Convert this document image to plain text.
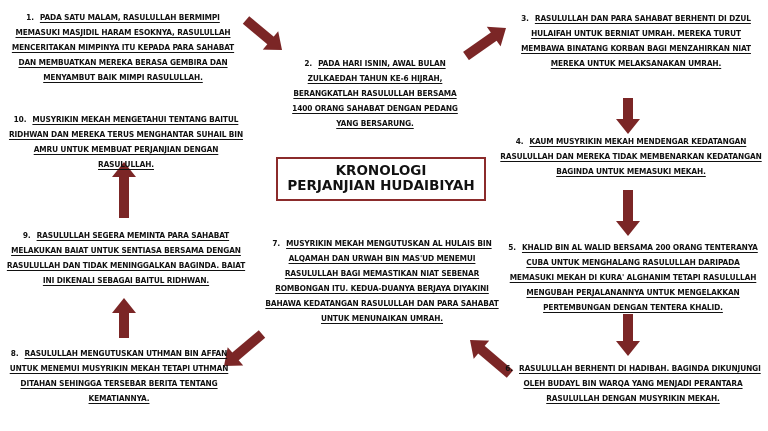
KRONOLOGI
PERJANJIAN HUDAIBIYAH
1. PADA SATU MALAM, RASULULLAH BERMIMPI MEMASUKI MASJIDIL HARAM ESOKNYA, RASULULLAH MENCERITAKAN MIMPINYA ITU KEPADA PARA SAHABAT DAN MEMBUATKAN MEREKA BERASA GEMBIRA DAN MENYAMBUT BAIK MIMPI RASULULLAH.
2. PADA HARI ISNIN, AWAL BULAN ZULKAEDAH TAHUN KE-6 HIJRAH, BERANGKATLAH RASULULLAH BERSAMA 1400 ORANG SAHABAT DENGAN PEDANG YANG BERSARUNG.
3. RASULULLAH DAN PARA SAHABAT BERHENTI DI DZUL HULAIFAH UNTUK BERNIAT UMRAH. MEREKA TURUT MEMBAWA BINATANG KORBAN BAGI MENZAHIRKAN NIAT MEREKA UNTUK MELAKSANAKAN UMRAH.
4. KAUM MUSYRIKIN MEKAH MENDENGAR KEDATANGAN RASULULLAH DAN MEREKA TIDAK MEMBENARKAN KEDATANGAN BAGINDA UNTUK MEMASUKI MEKAH.
5. KHALID BIN AL WALID BERSAMA 200 ORANG TENTERANYA CUBA UNTUK MENGHALANG RASULULLAH DARIPADA MEMASUKI MEKAH DI KURA' ALGHANIM TETAPI RASULULLAH MENGUBAH PERJALANANNYA UNTUK MENGELAKKAN PERTEMBUNGAN DENGAN TENTERA KHALID.
6. RASULULLAH BERHENTI DI HADIBAH. BAGINDA DIKUNJUNGI OLEH BUDAYL BIN WARQA YANG MENJADI PERANTARA RASULULLAH DENGAN MUSYRIKIN MEKAH.
7. MUSYRIKIN MEKAH MENGUTUSKAN AL HULAIS BIN ALQAMAH DAN URWAH BIN MAS'UD MENEMUI RASULULLAH BAGI MEMASTIKAN NIAT SEBENAR ROMBONGAN ITU. KEDUA-DUANYA BERJAYA DIYAKINI BAHAWA KEDATANGAN RASULULLAH DAN PARA SAHABAT UNTUK MENUNAIKAN UMRAH.
8. RASULULLAH MENGUTUSKAN UTHMAN BIN AFFAN UNTUK MENEMUI MUSYRIKIN MEKAH TETAPI UTHMAN DITAHAN SEHINGGA TERSEBAR BERITA TENTANG KEMATIANNYA.
9. RASULULLAH SEGERA MEMINTA PARA SAHABAT MELAKUKAN BAIAT UNTUK SENTIASA BERSAMA DENGAN RASULULLAH DAN TIDAK MENINGGALKAN BAGINDA. BAIAT INI DIKENALI SEBAGAI BAITUL RIDHWAN.
10. MUSYRIKIN MEKAH MENGETAHUI TENTANG BAITUL RIDHWAN DAN MEREKA TERUS MENGHANTAR SUHAIL BIN AMRU UNTUK MEMBUAT PERJANJIAN DENGAN RASULULLAH.
